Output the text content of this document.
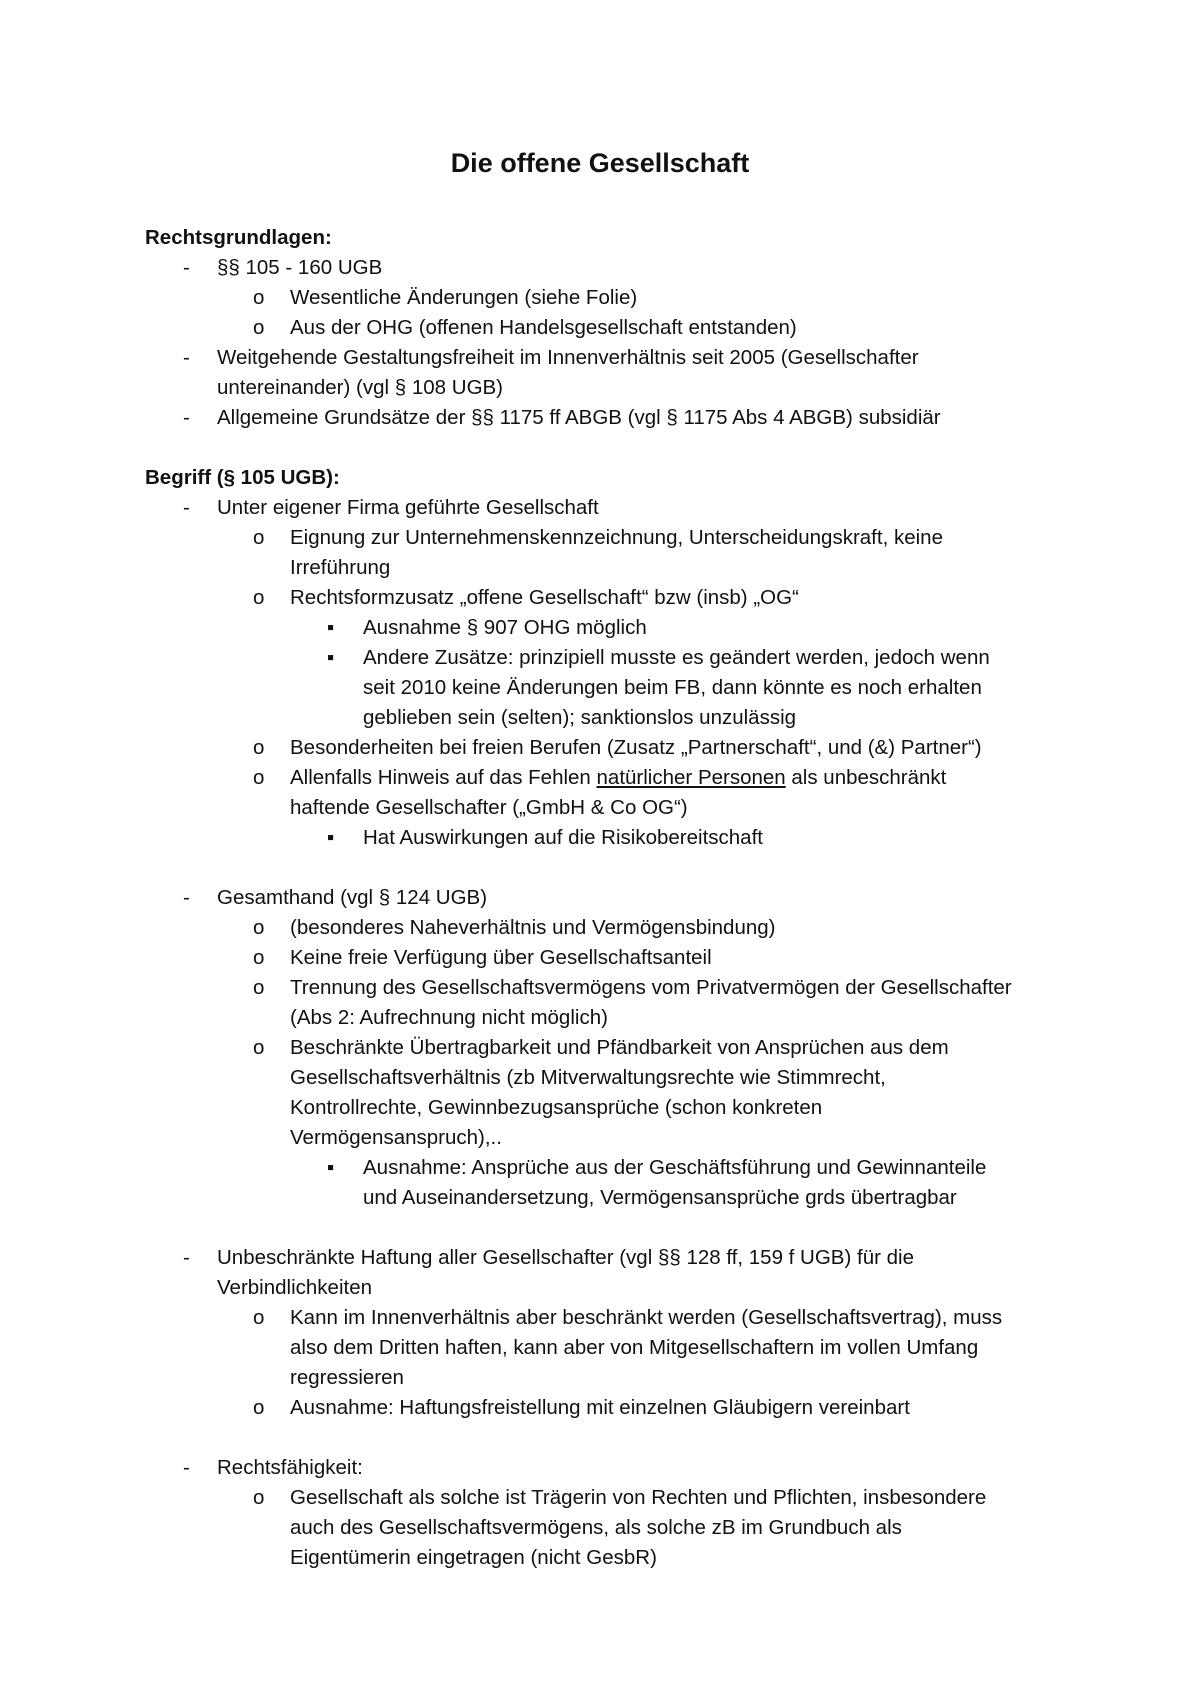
Die offene Gesellschaft
Rechtsgrundlagen:
- §§ 105 - 160 UGB
o Wesentliche Änderungen (siehe Folie)
o Aus der OHG (offenen Handelsgesellschaft entstanden)
- Weitgehende Gestaltungsfreiheit im Innenverhältnis seit 2005 (Gesellschafter
untereinander) (vgl § 108 UGB)
- Allgemeine Grundsätze der §§ 1175 ff ABGB (vgl § 1175 Abs 4 ABGB) subsidiär
Begriff (§ 105 UGB):
- Unter eigener Firma geführte Gesellschaft
o Eignung zur Unternehmenskennzeichnung, Unterscheidungskraft, keine
Irreführung
o Rechtsformzusatz „offene Gesellschaft“ bzw (insb) „OG“
▪ Ausnahme § 907 OHG möglich
▪ Andere Zusätze: prinzipiell musste es geändert werden, jedoch wenn
seit 2010 keine Änderungen beim FB, dann könnte es noch erhalten
geblieben sein (selten); sanktionslos unzulässig
o Besonderheiten bei freien Berufen (Zusatz „Partnerschaft“, und (&) Partner“)
o Allenfalls Hinweis auf das Fehlen natürlicher Personen als unbeschränkt
haftende Gesellschafter („GmbH & Co OG“)
▪ Hat Auswirkungen auf die Risikobereitschaft
- Gesamthand (vgl § 124 UGB)
o (besonderes Naheverhältnis und Vermögensbindung)
o Keine freie Verfügung über Gesellschaftsanteil
o Trennung des Gesellschaftsvermögens vom Privatvermögen der Gesellschafter
(Abs 2: Aufrechnung nicht möglich)
o Beschränkte Übertragbarkeit und Pfändbarkeit von Ansprüchen aus dem
Gesellschaftsverhältnis (zb Mitverwaltungsrechte wie Stimmrecht,
Kontrollrechte, Gewinnbezugsansprüche (schon konkreten
Vermögensanspruch),..
▪ Ausnahme: Ansprüche aus der Geschäftsführung und Gewinnanteile
und Auseinandersetzung, Vermögensansprüche grds übertragbar
- Unbeschränkte Haftung aller Gesellschafter (vgl §§ 128 ff, 159 f UGB) für die
Verbindlichkeiten
o Kann im Innenverhältnis aber beschränkt werden (Gesellschaftsvertrag), muss
also dem Dritten haften, kann aber von Mitgesellschaftern im vollen Umfang
regressieren
o Ausnahme: Haftungsfreistellung mit einzelnen Gläubigern vereinbart
- Rechtsfähigkeit:
o Gesellschaft als solche ist Trägerin von Rechten und Pflichten, insbesondere
auch des Gesellschaftsvermögens, als solche zB im Grundbuch als
Eigentümerin eingetragen (nicht GesbR)
